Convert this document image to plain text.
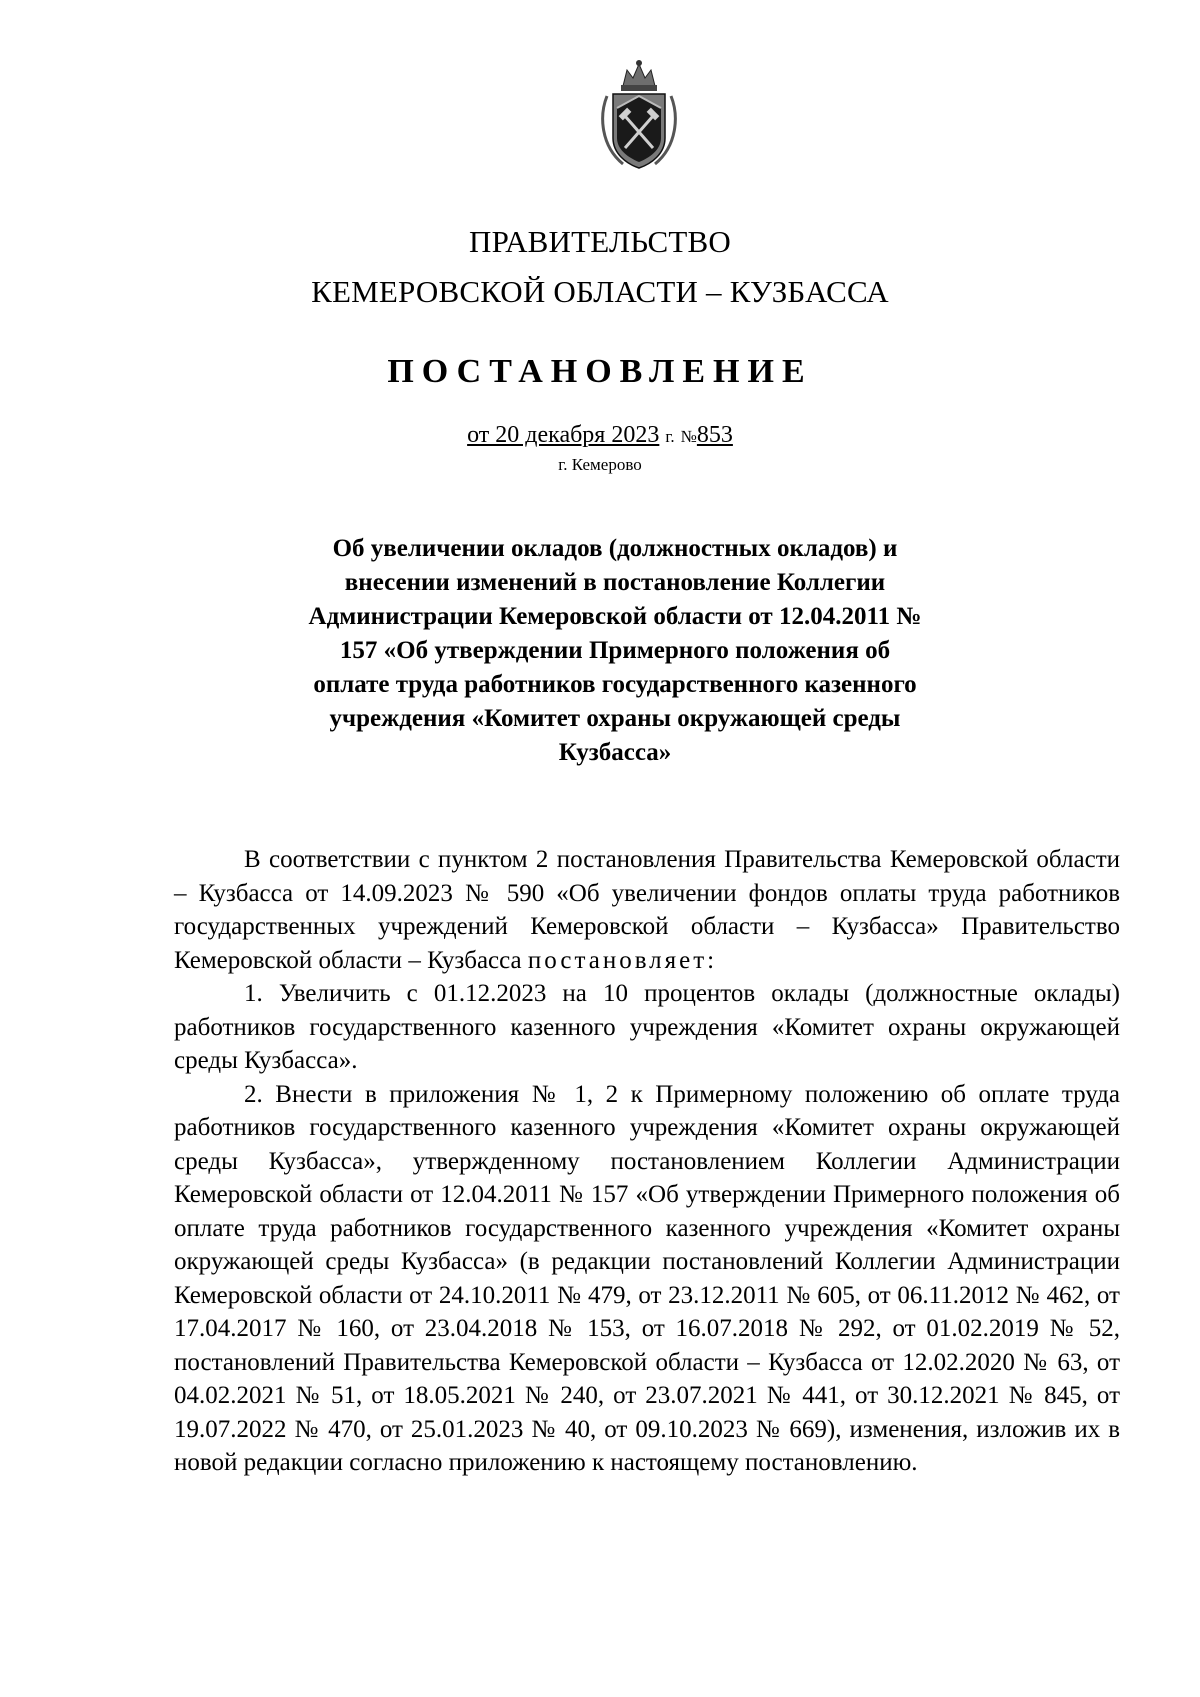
ПРАВИТЕЛЬСТВО
КЕМЕРОВСКОЙ ОБЛАСТИ – КУЗБАССА
ПОСТАНОВЛЕНИЕ
от 20 декабря 2023 г. №853
г. Кемерово
Об увеличении окладов (должностных окладов) и внесении изменений в постановление Коллегии Администрации Кемеровской области от 12.04.2011 № 157 «Об утверждении Примерного положения об оплате труда работников государственного казенного учреждения «Комитет охраны окружающей среды Кузбасса»

В соответствии с пунктом 2 постановления Правительства Кемеровской области – Кузбасса от 14.09.2023 № 590 «Об увеличении фондов оплаты труда работников государственных учреждений Кемеровской области – Кузбасса» Правительство Кемеровской области – Кузбасса постановляет:

1. Увеличить с 01.12.2023 на 10 процентов оклады (должностные оклады) работников государственного казенного учреждения «Комитет охраны окружающей среды Кузбасса».

2. Внести в приложения № 1, 2 к Примерному положению об оплате труда работников государственного казенного учреждения «Комитет охраны окружающей среды Кузбасса», утвержденному постановлением Коллегии Администрации Кемеровской области от 12.04.2011 № 157 «Об утверждении Примерного положения об оплате труда работников государственного казенного учреждения «Комитет охраны окружающей среды Кузбасса» (в редакции постановлений Коллегии Администрации Кемеровской области от 24.10.2011 № 479, от 23.12.2011 № 605, от 06.11.2012 № 462, от 17.04.2017 № 160, от 23.04.2018 № 153, от 16.07.2018 № 292, от 01.02.2019 № 52, постановлений Правительства Кемеровской области – Кузбасса от 12.02.2020 № 63, от 04.02.2021 № 51, от 18.05.2021 № 240, от 23.07.2021 № 441, от 30.12.2021 № 845, от 19.07.2022 № 470, от 25.01.2023 № 40, от 09.10.2023 № 669), изменения, изложив их в новой редакции согласно приложению к настоящему постановлению.
